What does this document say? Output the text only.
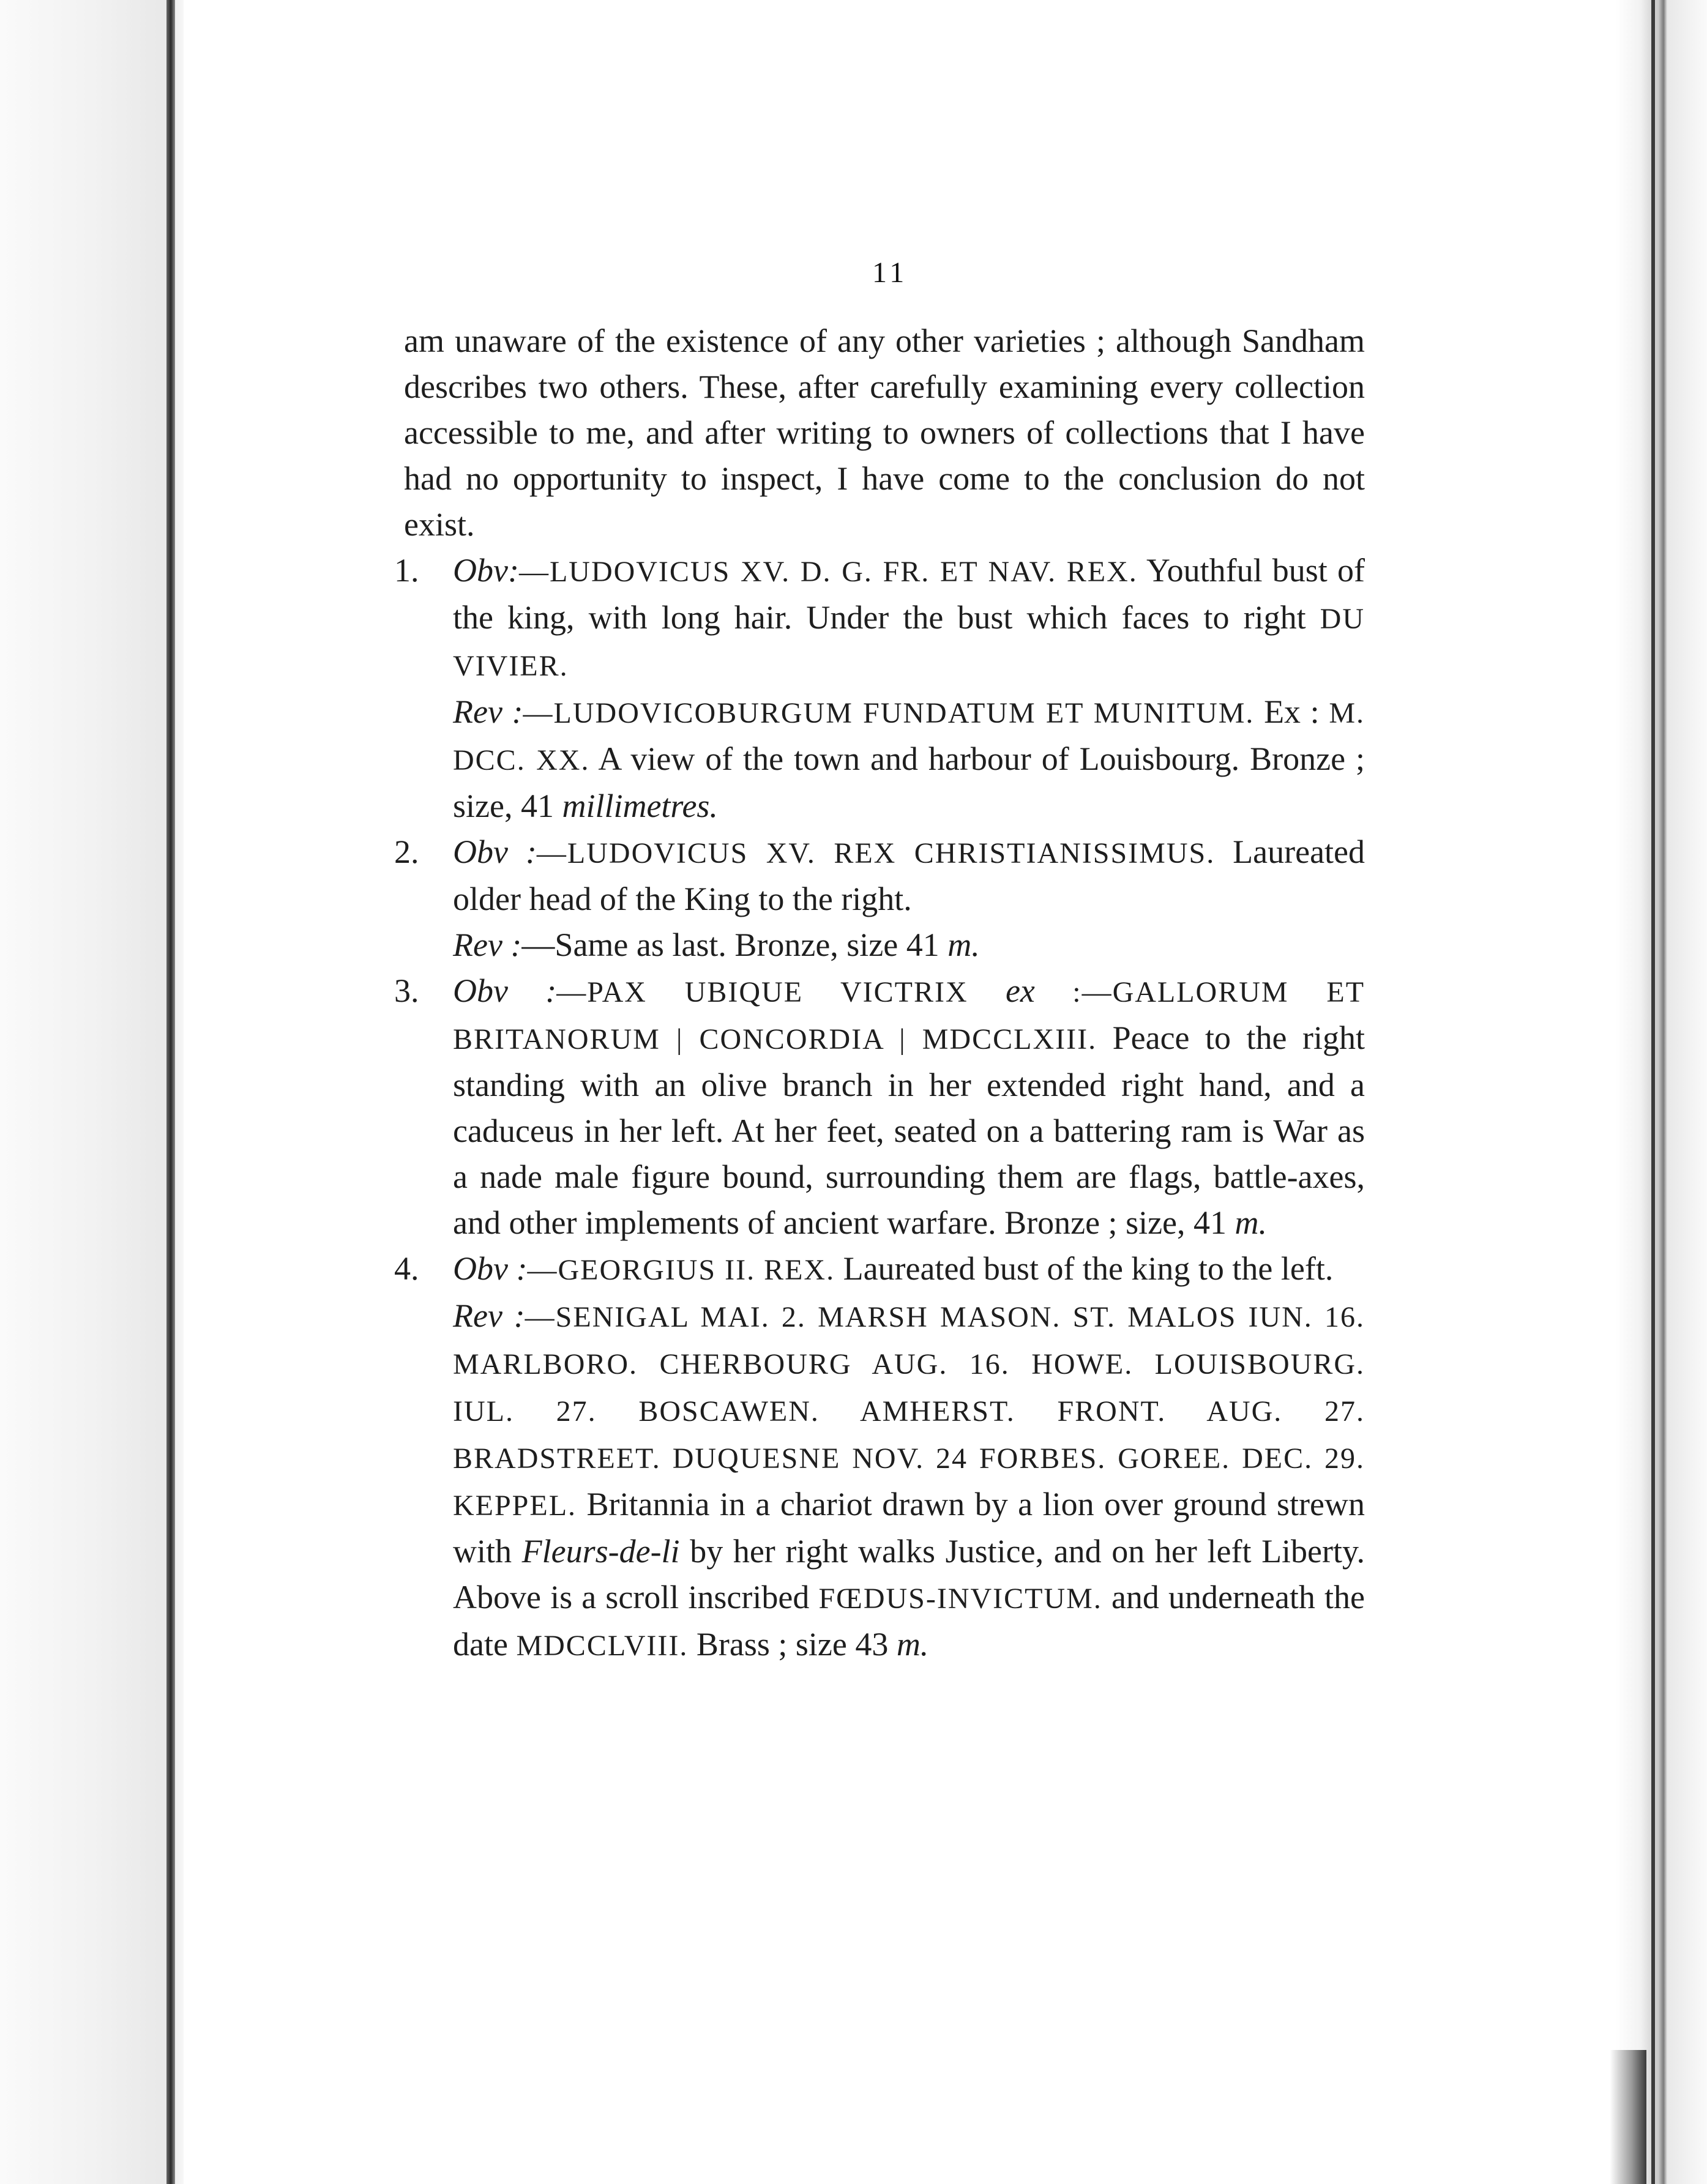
11

am unaware of the existence of any other varieties ; although Sandham describes two others. These, after carefully examining every collection accessible to me, and after writing to owners of collections that I have had no opportunity to inspect, I have come to the conclusion do not exist.

1.	Obv:—LUDOVICUS XV. D. G. FR. ET NAV. REX. Youthful bust of the king, with long hair. Under the bust which faces to right DU VIVIER.

Rev :—LUDOVICOBURGUM FUNDATUM ET MUNITUM. Ex : M. DCC. XX. A view of the town and harbour of Louisbourg. Bronze ; size, 41 millimetres.

2.	Obv :—LUDOVICUS XV. REX CHRISTIANISSIMUS. Laureated older head of the King to the right.

Rev :—Same as last. Bronze, size 41 m.

3.	Obv :—PAX UBIQUE VICTRIX ex :—GALLORUM ET BRITANORUM | CONCORDIA | MDCCLXIII. Peace to the right standing with an olive branch in her extended right hand, and a caduceus in her left. At her feet, seated on a battering ram is War as a nade male figure bound, surrounding them are flags, battle-axes, and other implements of ancient warfare. Bronze ; size, 41 m.

4.	Obv :—GEORGIUS II. REX. Laureated bust of the king to the left.

Rev :—SENIGAL MAI. 2. MARSH MASON. ST. MALOS IUN. 16. MARLBORO. CHERBOURG AUG. 16. HOWE. LOUISBOURG. IUL. 27. BOSCAWEN. AMHERST. FRONT. AUG. 27. BRADSTREET. DUQUESNE NOV. 24 FORBES. GOREE. DEC. 29. KEPPEL. Britannia in a chariot drawn by a lion over ground strewn with Fleurs-de-li by her right walks Justice, and on her left Liberty. Above is a scroll inscribed FŒDUS-INVICTUM. and underneath the date MDCCLVIII. Brass ; size 43 m.
